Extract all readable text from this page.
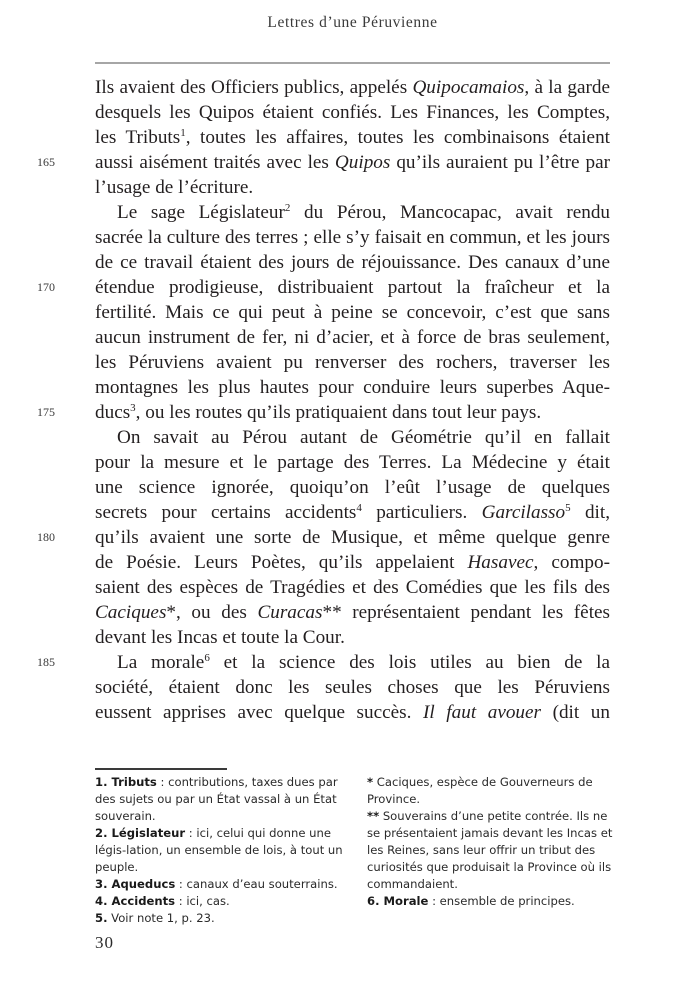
Lettres d’une Péruvienne
Ils avaient des Officiers publics, appelés Quipocamaios, à la garde
desquels les Quipos étaient confiés. Les Finances, les Comptes,
les Tributs$^1$, toutes les affaires, toutes les combinaisons étaient
165	aussi aisément traités avec les Quipos qu’ils auraient pu l’être par
l’usage de l’écriture.
Le sage Législateur$^2$ du Pérou, Mancocapac, avait rendu
sacrée la culture des terres ; elle s’y faisait en commun, et les jours
de ce travail étaient des jours de réjouissance. Des canaux d’une
170	étendue prodigieuse, distribuaient partout la fraîcheur et la
fertilité. Mais ce qui peut à peine se concevoir, c’est que sans
aucun instrument de fer, ni d’acier, et à force de bras seulement,
les Péruviens avaient pu renverser des rochers, traverser les
montagnes les plus hautes pour conduire leurs superbes Aque-
175	ducs$^3$, ou les routes qu’ils pratiquaient dans tout leur pays.
On savait au Pérou autant de Géométrie qu’il en fallait
pour la mesure et le partage des Terres. La Médecine y était
une science ignorée, quoiqu’on l’eût l’usage de quelques
secrets pour certains accidents$^4$ particuliers. Garcilasso$^5$ dit,
180	qu’ils avaient une sorte de Musique, et même quelque genre
de Poésie. Leurs Poètes, qu’ils appelaient Hasavec, compo-
saient des espèces de Tragédies et des Comédies que les fils des
Caciques*, ou des Curacas** représentaient pendant les fêtes
devant les Incas et toute la Cour.
185	La morale$^6$ et la science des lois utiles au bien de la
société, étaient donc les seules choses que les Péruviens
eussent apprises avec quelque succès. Il faut avouer (dit un
1. Tributs : contributions, taxes dues par des sujets ou par un État vassal à un État souverain.
2. Législateur : ici, celui qui donne une légis-lation, un ensemble de lois, à tout un peuple.
3. Aqueducs : canaux d’eau souterrains.
4. Accidents : ici, cas.
5. Voir note 1, p. 23.
* Caciques, espèce de Gouverneurs de Province.
** Souverains d’une petite contrée. Ils ne se présentaient jamais devant les Incas et les Reines, sans leur offrir un tribut des curiosités que produisait la Province où ils commandaient.
6. Morale : ensemble de principes.
30
